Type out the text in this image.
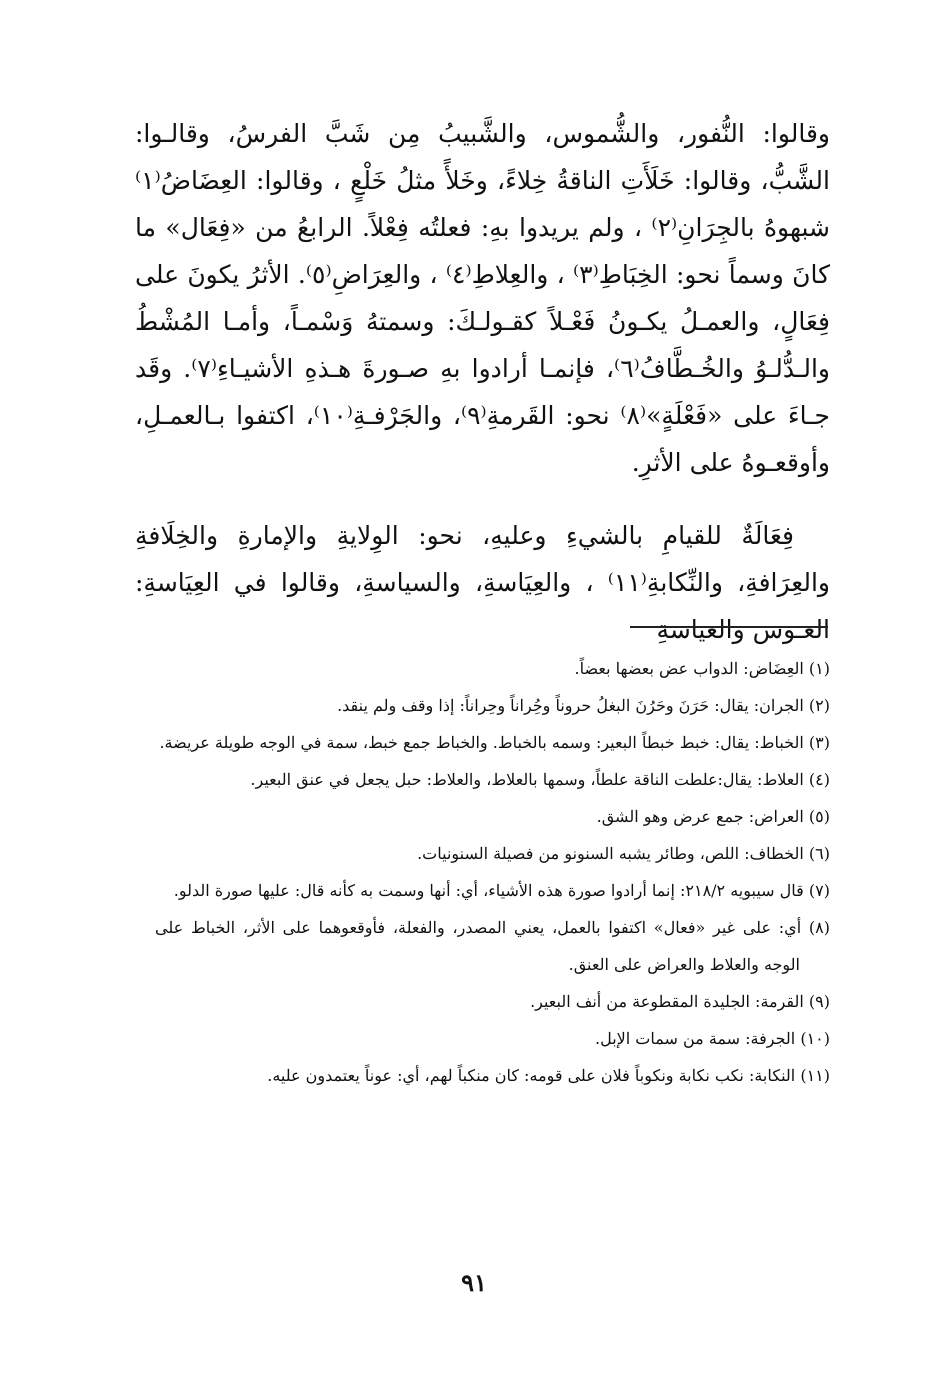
وقالوا: النُّفور، والشُّموس، والشَّبيبُ مِن شَبَّ الفرسُ، وقالـوا: الشَّبُّ، وقالوا: خَلَأَتِ الناقةُ خِلاءً، وخَلأً مثلُ خَلْعٍ ، وقالوا: العِضَاضُ⁽١⁾ شبهوهُ بالجِرَانِ⁽٢⁾ ، ولم يريدوا بهِ: فعلتُه فِعْلاً. الرابعُ من «فِعَال» ما كانَ وسماً نحو: الخِبَاطِ⁽٣⁾ ، والعِلاطِ⁽٤⁾ ، والعِرَاضِ⁽٥⁾. الأثرُ يكونَ على فِعَالٍ، والعمـلُ يكـونُ فَعْـلاً كقـولـكَ: وسمتهُ وَسْمـاً، وأمـا المُشْطُ والـدُّلـوُ والخُـطَّافُ⁽٦⁾، فإنمـا أرادوا بهِ صـورةَ هـذهِ الأشيـاءِ⁽٧⁾. وقَد جـاءَ على «فَعْلَةٍ»⁽٨⁾ نحو: القَرمةِ⁽٩⁾، والجَرْفـةِ⁽١٠⁾، اكتفوا بـالعمـلِ، وأوقعـوهُ على الأثرِ.

فِعَالَةٌ للقيامِ بالشيءِ وعليهِ، نحو: الوِلايةِ والإمارةِ والخِلَافةِ والعِرَافةِ، والنِّكابةِ⁽١١⁾ ، والعِيَاسةِ، والسياسةِ، وقالوا في العِيَاسةِ: العـوس والعياسةِ

(١) العِضَاض: الدواب عض بعضها بعضاً.

(٢) الجران: يقال: حَرَنَ وحَرُنَ البغلُ حروناً وحُِراناً وحِراناً: إذا وقف ولم ينقد.

(٣) الخباط: يقال: خبط خبطاً البعير: وسمه بالخباط. والخباط جمع خبط، سمة في الوجه طويلة عريضة.

(٤) العلاط: يقال:علطت الناقة علطاً، وسمها بالعلاط، والعلاط: حبل يجعل في عنق البعير.

(٥) العراض: جمع عرض وهو الشق.

(٦) الخطاف: اللص، وطائر يشبه السنونو من فصيلة السنونيات.

(٧) قال سيبويه ٢١٨/٢: إنما أرادوا صورة هذه الأشياء، أي: أنها وسمت به كأنه قال: عليها صورة الدلو.

(٨) أي: على غير «فعال» اكتفوا بالعمل، يعني المصدر، والفعلة، فأوقعوهما على الأثر، الخباط على الوجه والعلاط والعراض على العنق.

(٩) القرمة: الجليدة المقطوعة من أنف البعير.

(١٠) الجرفة: سمة من سمات الإبل.

(١١) النكابة: نكب نكابة ونكوباً فلان على قومه: كان منكباً لهم، أي: عوناً يعتمدون عليه.

٩١
